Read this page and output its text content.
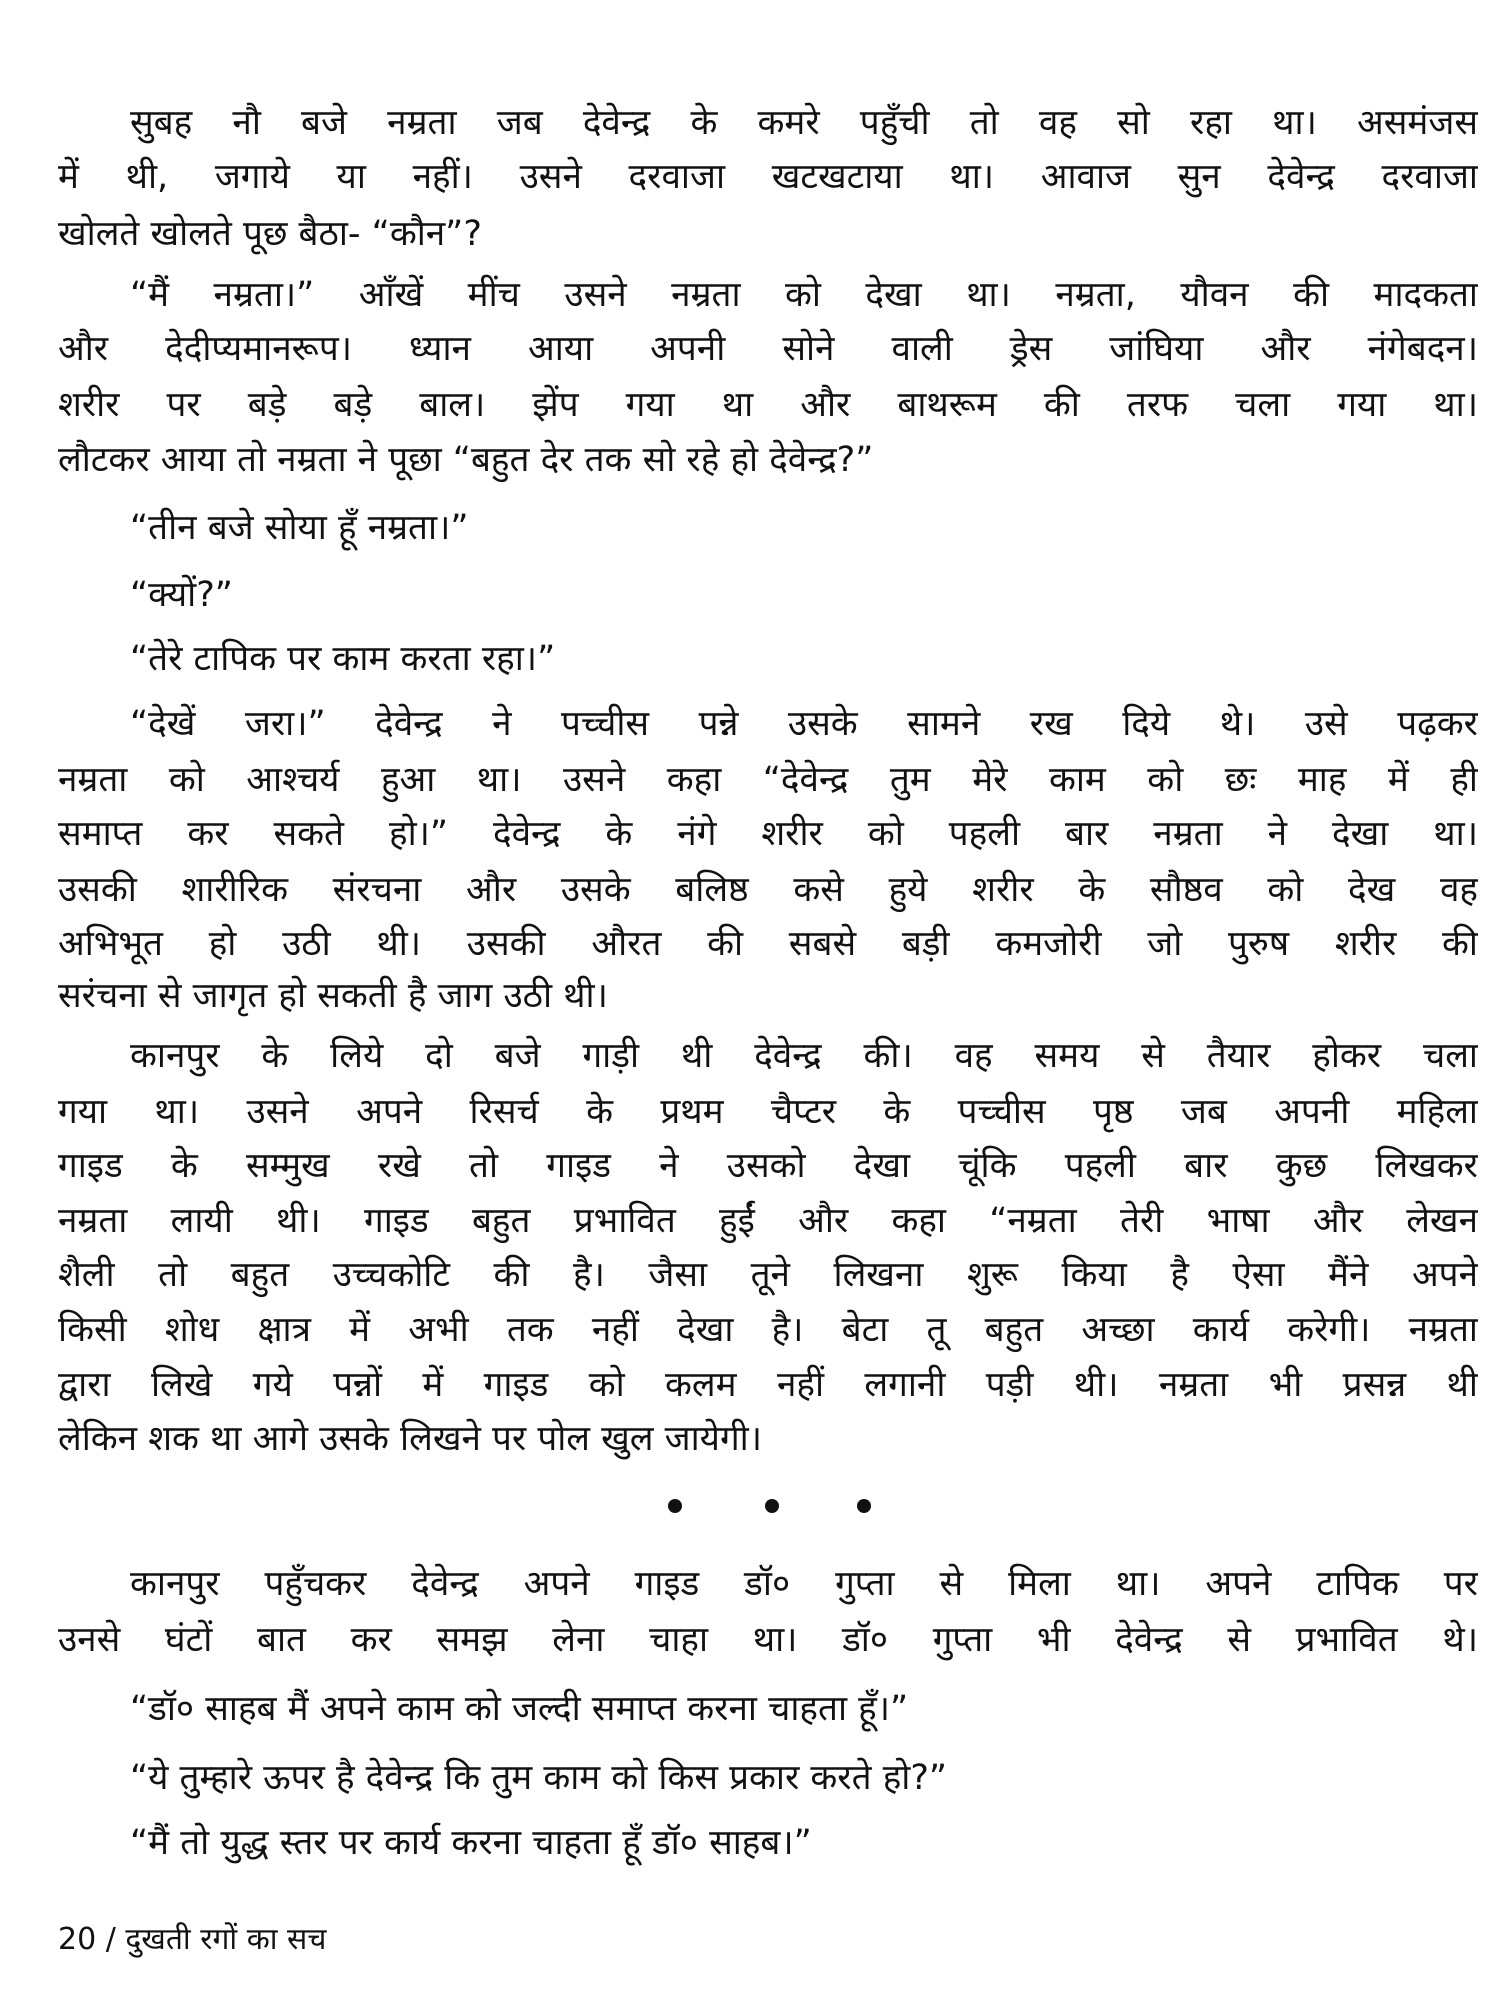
सुबह नौ बजे नम्रता जब देवेन्द्र के कमरे पहुँची तो वह सो रहा था। असमंजस
में थी, जगाये या नहीं। उसने दरवाजा खटखटाया था। आवाज सुन देवेन्द्र दरवाजा
खोलते खोलते पूछ बैठा- “कौन”?
“मैं नम्रता।” आँखें मींच उसने नम्रता को देखा था। नम्रता, यौवन की मादकता
और देदीप्यमानरूप। ध्यान आया अपनी सोने वाली ड्रेस जांघिया और नंगेबदन।
शरीर पर बड़े बड़े बाल। झेंप गया था और बाथरूम की तरफ चला गया था।
लौटकर आया तो नम्रता ने पूछा “बहुत देर तक सो रहे हो देवेन्द्र?”
“तीन बजे सोया हूँ नम्रता।”
“क्यों?”
“तेरे टापिक पर काम करता रहा।”
“देखें जरा।” देवेन्द्र ने पच्चीस पन्ने उसके सामने रख दिये थे। उसे पढ़कर
नम्रता को आश्चर्य हुआ था। उसने कहा “देवेन्द्र तुम मेरे काम को छः माह में ही
समाप्त कर सकते हो।” देवेन्द्र के नंगे शरीर को पहली बार नम्रता ने देखा था।
उसकी शारीरिक संरचना और उसके बलिष्ठ कसे हुये शरीर के सौष्ठव को देख वह
अभिभूत हो उठी थी। उसकी औरत की सबसे बड़ी कमजोरी जो पुरुष शरीर की
सरंचना से जागृत हो सकती है जाग उठी थी।
कानपुर के लिये दो बजे गाड़ी थी देवेन्द्र की। वह समय से तैयार होकर चला
गया था। उसने अपने रिसर्च के प्रथम चैप्टर के पच्चीस पृष्ठ जब अपनी महिला
गाइड के सम्मुख रखे तो गाइड ने उसको देखा चूंकि पहली बार कुछ लिखकर
नम्रता लायी थी। गाइड बहुत प्रभावित हुईं और कहा “नम्रता तेरी भाषा और लेखन
शैली तो बहुत उच्चकोटि की है। जैसा तूने लिखना शुरू किया है ऐसा मैंने अपने
किसी शोध क्षात्र में अभी तक नहीं देखा है। बेटा तू बहुत अच्छा कार्य करेगी। नम्रता
द्वारा लिखे गये पन्नों में गाइड को कलम नहीं लगानी पड़ी थी। नम्रता भी प्रसन्न थी
लेकिन शक था आगे उसके लिखने पर पोल खुल जायेगी।
कानपुर पहुँचकर देवेन्द्र अपने गाइड डॉ० गुप्ता से मिला था। अपने टापिक पर
उनसे घंटों बात कर समझ लेना चाहा था। डॉ० गुप्ता भी देवेन्द्र से प्रभावित थे।
“डॉ० साहब मैं अपने काम को जल्दी समाप्त करना चाहता हूँ।”
“ये तुम्हारे ऊपर है देवेन्द्र कि तुम काम को किस प्रकार करते हो?”
“मैं तो युद्ध स्तर पर कार्य करना चाहता हूँ डॉ० साहब।”
20 / दुखती रगों का सच
